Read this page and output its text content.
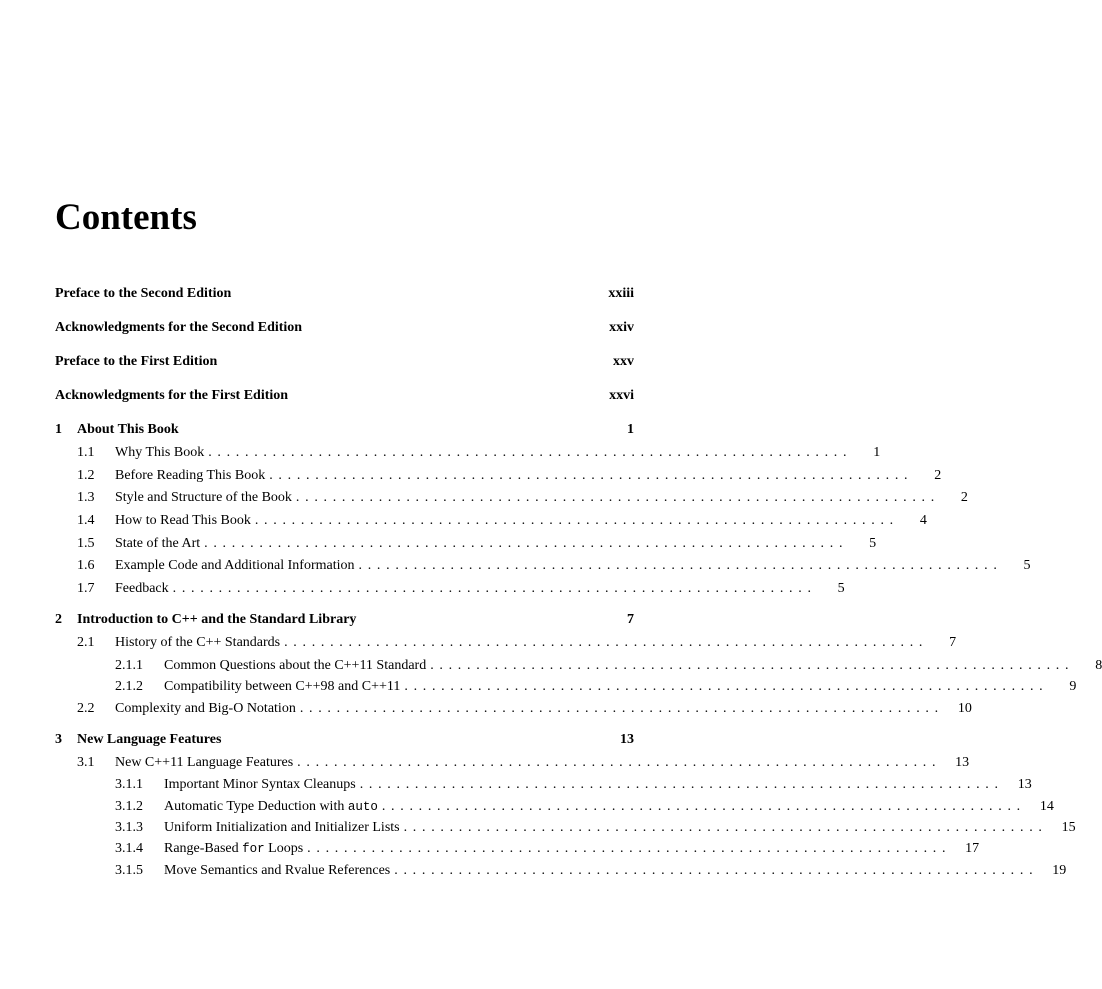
Contents
Preface to the Second Edition	xxiii
Acknowledgments for the Second Edition	xxiv
Preface to the First Edition	xxv
Acknowledgments for the First Edition	xxvi
1	About This Book	1
1.1	Why This Book ......................................................................	1
1.2	Before Reading This Book ......................................................................	2
1.3	Style and Structure of the Book ......................................................................	2
1.4	How to Read This Book ......................................................................	4
1.5	State of the Art ......................................................................	5
1.6	Example Code and Additional Information ......................................................................	5
1.7	Feedback ......................................................................	5
2	Introduction to C++ and the Standard Library	7
2.1	History of the C++ Standards ......................................................................	7
2.1.1	Common Questions about the C++11 Standard ......................................................................	8
2.1.2	Compatibility between C++98 and C++11 ......................................................................	9
2.2	Complexity and Big-O Notation ......................................................................	10
3	New Language Features	13
3.1	New C++11 Language Features ......................................................................	13
3.1.1	Important Minor Syntax Cleanups ......................................................................	13
3.1.2	Automatic Type Deduction with auto ......................................................................	14
3.1.3	Uniform Initialization and Initializer Lists ......................................................................	15
3.1.4	Range-Based for Loops ......................................................................	17
3.1.5	Move Semantics and Rvalue References ......................................................................	19
